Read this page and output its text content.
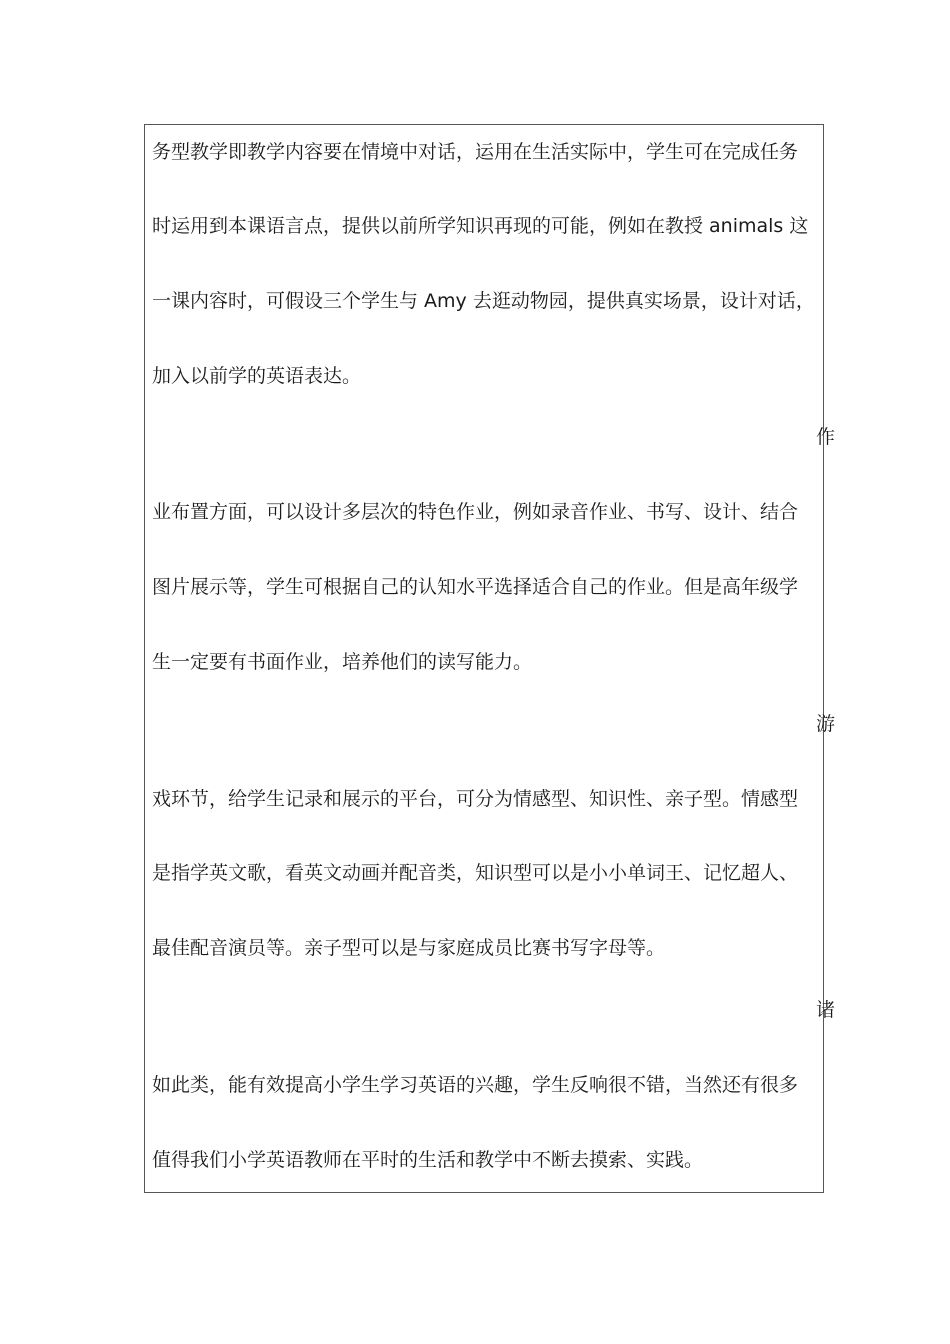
务型教学即教学内容要在情境中对话，运用在生活实际中，学生可在完成任务
时运用到本课语言点，提供以前所学知识再现的可能，例如在教授 animals 这
一课内容时，可假设三个学生与 Amy 去逛动物园，提供真实场景，设计对话，
加入以前学的英语表达。
作
业布置方面，可以设计多层次的特色作业，例如录音作业、书写、设计、结合
图片展示等，学生可根据自己的认知水平选择适合自己的作业。但是高年级学
生一定要有书面作业，培养他们的读写能力。
游
戏环节，给学生记录和展示的平台，可分为情感型、知识性、亲子型。情感型
是指学英文歌，看英文动画并配音类，知识型可以是小小单词王、记忆超人、
最佳配音演员等。亲子型可以是与家庭成员比赛书写字母等。
诸
如此类，能有效提高小学生学习英语的兴趣，学生反响很不错，当然还有很多
值得我们小学英语教师在平时的生活和教学中不断去摸索、实践。
